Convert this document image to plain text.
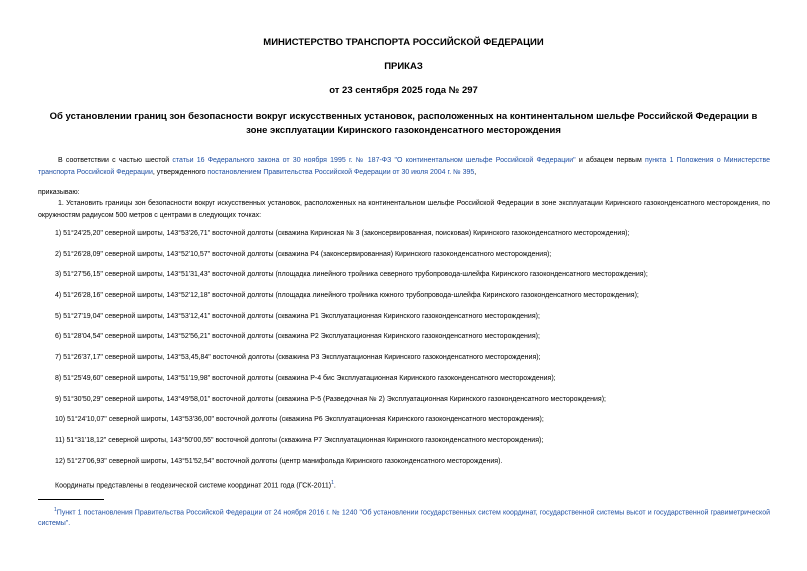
МИНИСТЕРСТВО ТРАНСПОРТА РОССИЙСКОЙ ФЕДЕРАЦИИ
ПРИКАЗ
от 23 сентября 2025 года № 297
Об установлении границ зон безопасности вокруг искусственных установок, расположенных на континентальном шельфе Российской Федерации в зоне эксплуатации Киринского газоконденсатного месторождения
В соответствии с частью шестой статьи 16 Федерального закона от 30 ноября 1995 г. № 187-ФЗ "О континентальном шельфе Российской Федерации" и абзацем первым пункта 1 Положения о Министерстве транспорта Российской Федерации, утвержденного постановлением Правительства Российской Федерации от 30 июля 2004 г. № 395,
приказываю:
1. Установить границы зон безопасности вокруг искусственных установок, расположенных на континентальном шельфе Российской Федерации в зоне эксплуатации Киринского газоконденсатного месторождения, по окружностям радиусом 500 метров с центрами в следующих точках:
1) 51°24'25,20" северной широты, 143°53'26,71" восточной долготы (скважина Киринская № 3 (законсервированная, поисковая) Киринского газоконденсатного месторождения);
2) 51°26'28,09" северной широты, 143°52'10,57" восточной долготы (скважина Р4 (законсервированная) Киринского газоконденсатного месторождения);
3) 51°27'56,15" северной широты, 143°51'31,43" восточной долготы (площадка линейного тройника северного трубопровода-шлейфа Киринского газоконденсатного месторождения);
4) 51°26'28,16" северной широты, 143°52'12,18" восточной долготы (площадка линейного тройника южного трубопровода-шлейфа Киринского газоконденсатного месторождения);
5) 51°27'19,04" северной широты, 143°53'12,41" восточной долготы (скважина Р1 Эксплуатационная Киринского газоконденсатного месторождения);
6) 51°28'04,54" северной широты, 143°52'56,21" восточной долготы (скважина Р2 Эксплуатационная Киринского газоконденсатного месторождения);
7) 51°26'37,17" северной широты, 143°53,45,84" восточной долготы (скважина Р3 Эксплуатационная Киринского газоконденсатного месторождения);
8) 51°25'49,60" северной широты, 143°51'19,98" восточной долготы (скважина Р-4 бис Эксплуатационная Киринского газоконденсатного месторождения);
9) 51°30'50,29" северной широты, 143°49'58,01" восточной долготы (скважина Р-5 (Разведочная № 2) Эксплуатационная Киринского газоконденсатного месторождения);
10) 51°24'10,07" северной широты, 143°53'36,00" восточной долготы (скважина Р6 Эксплуатационная Киринского газоконденсатного месторождения);
11) 51°31'18,12" северной широты, 143°50'00,55" восточной долготы (скважина Р7 Эксплуатационная Киринского газоконденсатного месторождения);
12) 51°27'06,93" северной широты, 143°51'52,54" восточной долготы (центр манифольда Киринского газоконденсатного месторождения).
Координаты представлены в геодезической системе координат 2011 года (ГСК-2011)$^1$.
$^1$Пункт 1 постановления Правительства Российской Федерации от 24 ноября 2016 г. № 1240 "Об установлении государственных систем координат, государственной системы высот и государственной гравиметрической системы".
